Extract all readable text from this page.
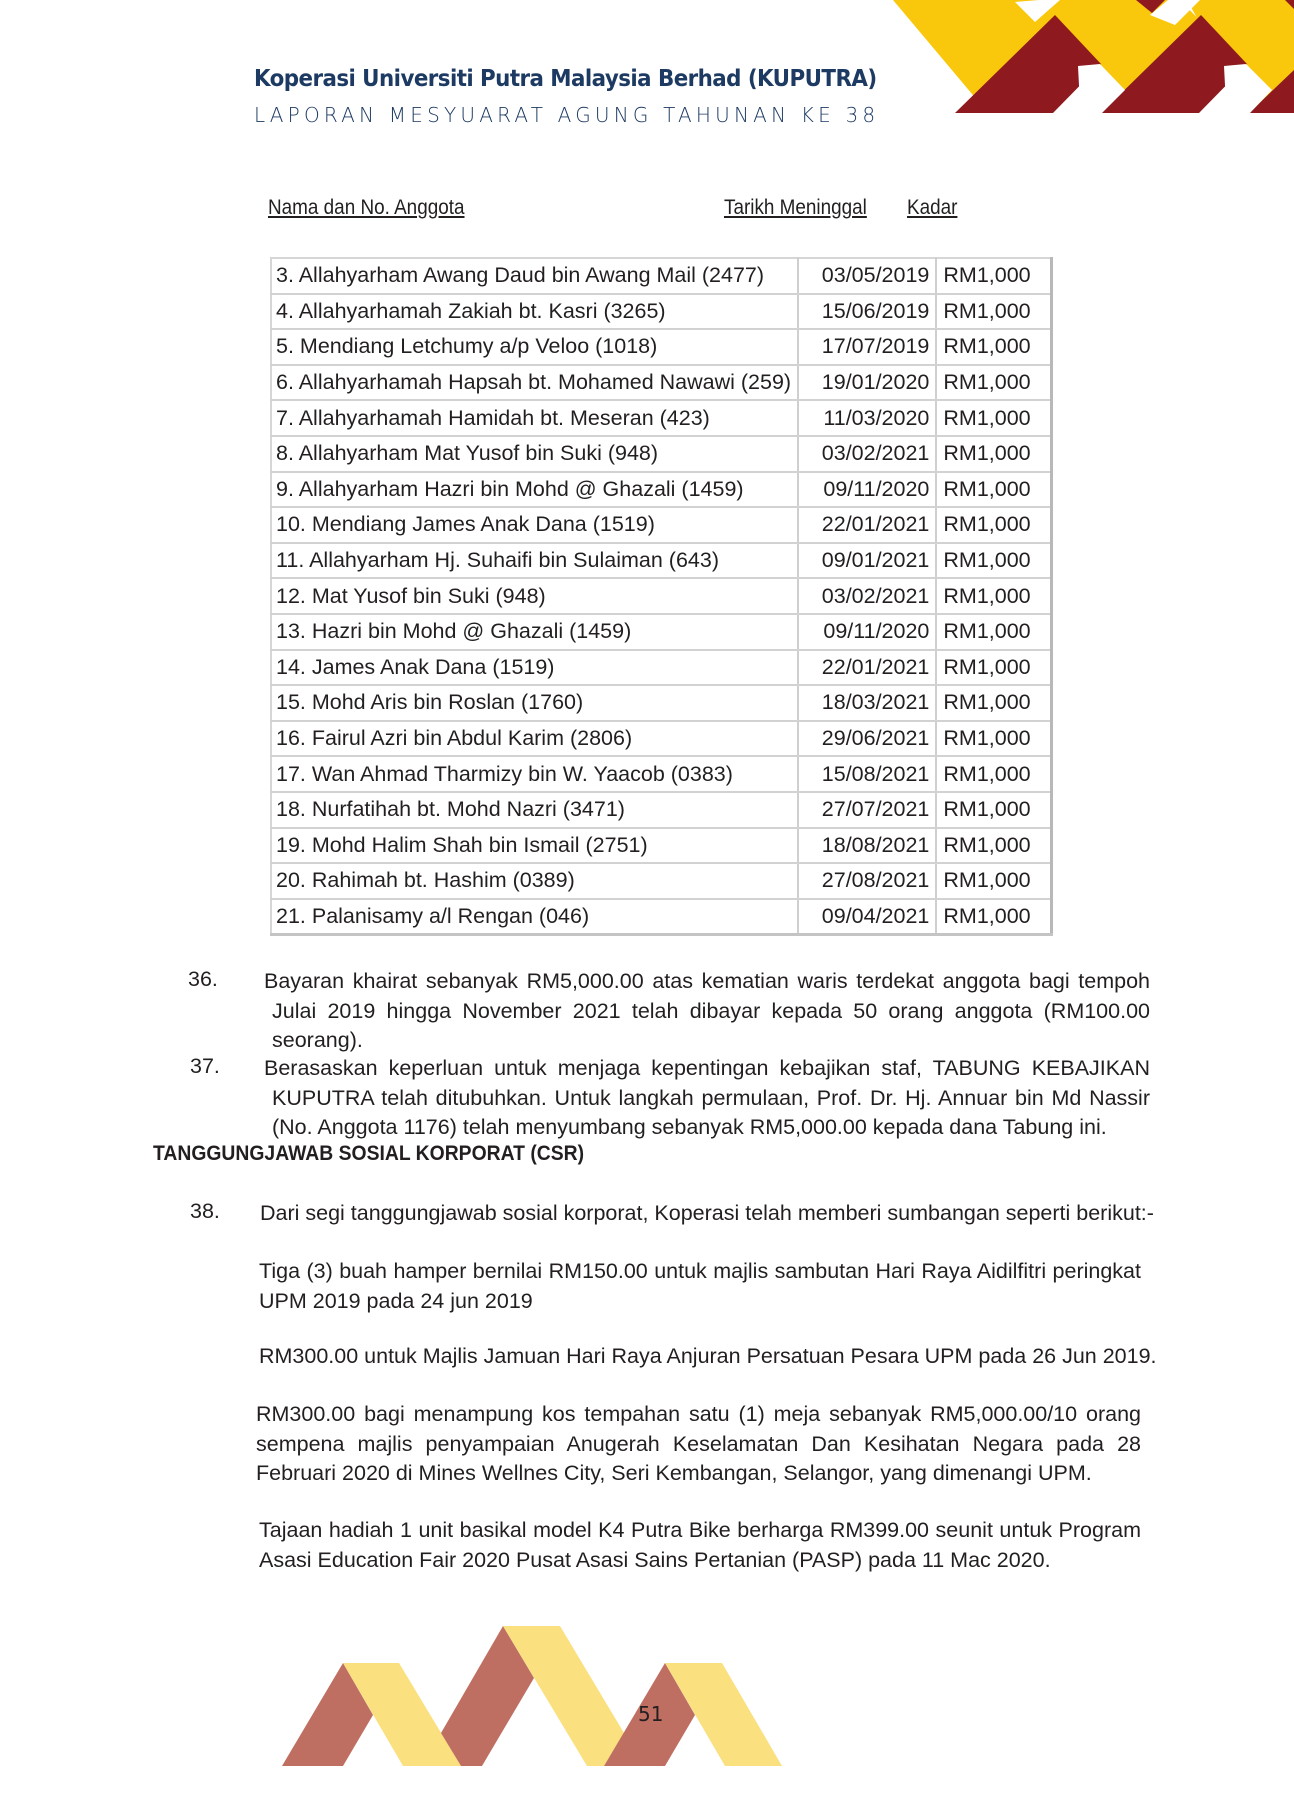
Koperasi Universiti Putra Malaysia Berhad (KUPUTRA)
LAPORAN MESYUARAT AGUNG TAHUNAN KE 38
Nama dan No. Anggota	Tarikh Meninggal Kadar
3. Allahyarham Awang Daud bin Awang Mail (2477)	03/05/2019	RM1,000
4. Allahyarhamah Zakiah bt. Kasri (3265)	15/06/2019	RM1,000
5. Mendiang Letchumy a/p Veloo (1018)	17/07/2019	RM1,000
6. Allahyarhamah Hapsah bt. Mohamed Nawawi (259)	19/01/2020	RM1,000
7. Allahyarhamah Hamidah bt. Meseran (423)	11/03/2020	RM1,000
8. Allahyarham Mat Yusof bin Suki (948)	03/02/2021	RM1,000
9. Allahyarham Hazri bin Mohd @ Ghazali (1459)	09/11/2020	RM1,000
10. Mendiang James Anak Dana (1519)	22/01/2021	RM1,000
11. Allahyarham Hj. Suhaifi bin Sulaiman (643)	09/01/2021	RM1,000
12. Mat Yusof bin Suki (948)	03/02/2021	RM1,000
13. Hazri bin Mohd @ Ghazali (1459)	09/11/2020	RM1,000
14. James Anak Dana (1519)	22/01/2021	RM1,000
15. Mohd Aris bin Roslan (1760)	18/03/2021	RM1,000
16. Fairul Azri bin Abdul Karim (2806)	29/06/2021	RM1,000
17. Wan Ahmad Tharmizy bin W. Yaacob (0383)	15/08/2021	RM1,000
18. Nurfatihah bt. Mohd Nazri (3471)	27/07/2021	RM1,000
19. Mohd Halim Shah bin Ismail (2751)	18/08/2021	RM1,000
20. Rahimah bt. Hashim (0389)	27/08/2021	RM1,000
21. Palanisamy a/l Rengan (046)	09/04/2021	RM1,000
36. Bayaran khairat sebanyak RM5,000.00 atas kematian waris terdekat anggota bagi tempoh Julai 2019 hingga November 2021 telah dibayar kepada 50 orang anggota (RM100.00 seorang).
37. Berasaskan keperluan untuk menjaga kepentingan kebajikan staf, TABUNG KEBAJIKAN KUPUTRA telah ditubuhkan. Untuk langkah permulaan, Prof. Dr. Hj. Annuar bin Md Nassir (No. Anggota 1176) telah menyumbang sebanyak RM5,000.00 kepada dana Tabung ini.
TANGGUNGJAWAB SOSIAL KORPORAT (CSR)
38. Dari segi tanggungjawab sosial korporat, Koperasi telah memberi sumbangan seperti berikut:-
Tiga (3) buah hamper bernilai RM150.00 untuk majlis sambutan Hari Raya Aidilfitri peringkat UPM 2019 pada 24 jun 2019
RM300.00 untuk Majlis Jamuan Hari Raya Anjuran Persatuan Pesara UPM pada 26 Jun 2019.
RM300.00 bagi menampung kos tempahan satu (1) meja sebanyak RM5,000.00/10 orang sempena majlis penyampaian Anugerah Keselamatan Dan Kesihatan Negara pada 28 Februari 2020 di Mines Wellnes City, Seri Kembangan, Selangor, yang dimenangi UPM.
Tajaan hadiah 1 unit basikal model K4 Putra Bike berharga RM399.00 seunit untuk Program Asasi Education Fair 2020 Pusat Asasi Sains Pertanian (PASP) pada 11 Mac 2020.
51
